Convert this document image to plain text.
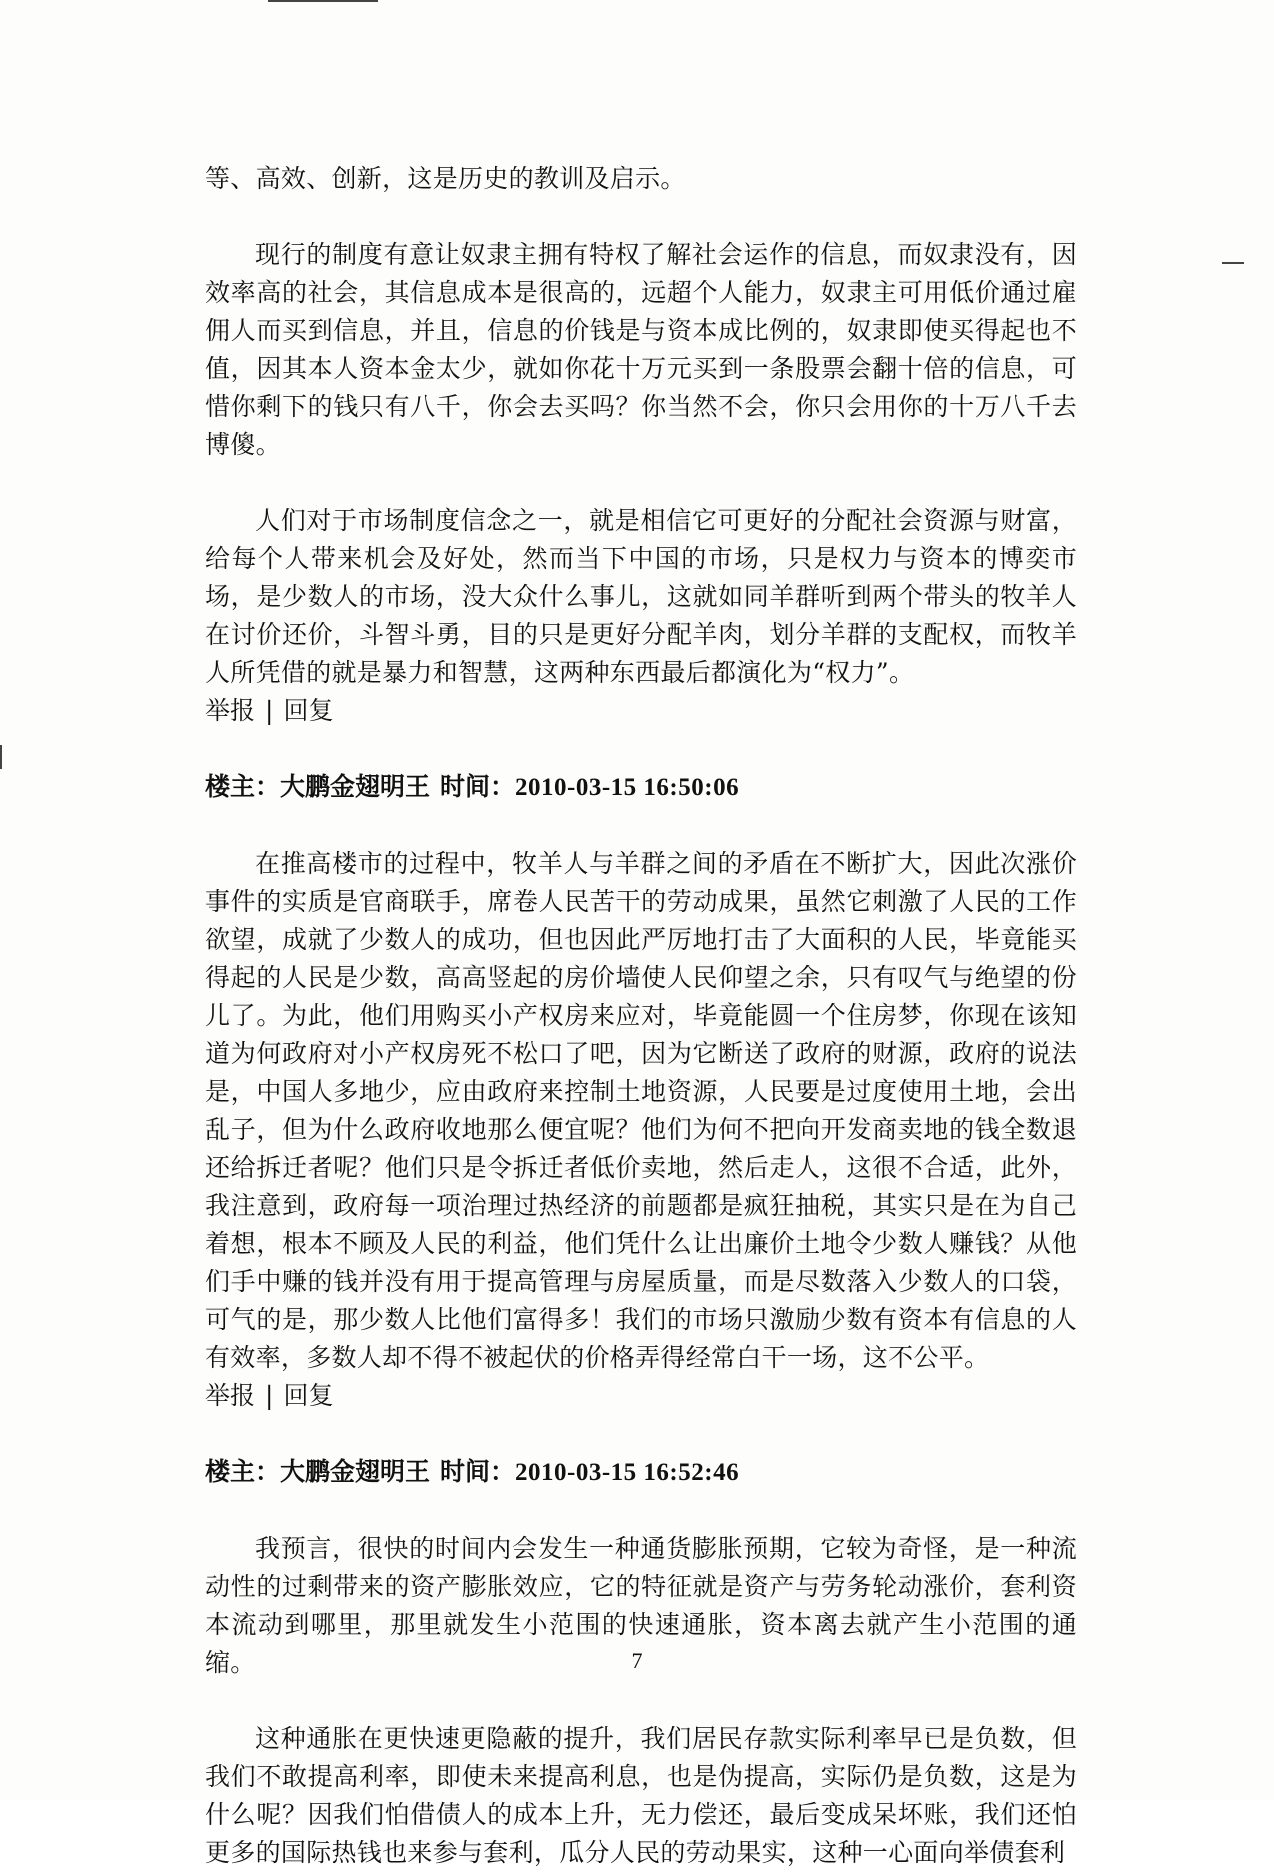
等、高效、创新，这是历史的教训及启示。

现行的制度有意让奴隶主拥有特权了解社会运作的信息，而奴隶没有，因效率高的社会，其信息成本是很高的，远超个人能力，奴隶主可用低价通过雇佣人而买到信息，并且，信息的价钱是与资本成比例的，奴隶即使买得起也不值，因其本人资本金太少，就如你花十万元买到一条股票会翻十倍的信息，可惜你剩下的钱只有八千，你会去买吗？你当然不会，你只会用你的十万八千去博傻。

人们对于市场制度信念之一，就是相信它可更好的分配社会资源与财富，给每个人带来机会及好处，然而当下中国的市场，只是权力与资本的博奕市场，是少数人的市场，没大众什么事儿，这就如同羊群听到两个带头的牧羊人在讨价还价，斗智斗勇，目的只是更好分配羊肉，划分羊群的支配权，而牧羊人所凭借的就是暴力和智慧，这两种东西最后都演化为“权力”。

举报 | 回复

楼主：大鹏金翅明王 时间：2010-03-15 16:50:06

在推高楼市的过程中，牧羊人与羊群之间的矛盾在不断扩大，因此次涨价事件的实质是官商联手，席卷人民苦干的劳动成果，虽然它刺激了人民的工作欲望，成就了少数人的成功，但也因此严厉地打击了大面积的人民，毕竟能买得起的人民是少数，高高竖起的房价墙使人民仰望之余，只有叹气与绝望的份儿了。为此，他们用购买小产权房来应对，毕竟能圆一个住房梦，你现在该知道为何政府对小产权房死不松口了吧，因为它断送了政府的财源，政府的说法是，中国人多地少，应由政府来控制土地资源，人民要是过度使用土地，会出乱子，但为什么政府收地那么便宜呢？他们为何不把向开发商卖地的钱全数退还给拆迁者呢？他们只是令拆迁者低价卖地，然后走人，这很不合适，此外，我注意到，政府每一项治理过热经济的前题都是疯狂抽税，其实只是在为自己着想，根本不顾及人民的利益，他们凭什么让出廉价土地令少数人赚钱？从他们手中赚的钱并没有用于提高管理与房屋质量，而是尽数落入少数人的口袋，可气的是，那少数人比他们富得多！我们的市场只激励少数有资本有信息的人有效率，多数人却不得不被起伏的价格弄得经常白干一场，这不公平。

举报 | 回复

楼主：大鹏金翅明王 时间：2010-03-15 16:52:46

我预言，很快的时间内会发生一种通货膨胀预期，它较为奇怪，是一种流动性的过剩带来的资产膨胀效应，它的特征就是资产与劳务轮动涨价，套利资本流动到哪里，那里就发生小范围的快速通胀，资本离去就产生小范围的通缩。

这种通胀在更快速更隐蔽的提升，我们居民存款实际利率早已是负数，但我们不敢提高利率，即使未来提高利息，也是伪提高，实际仍是负数，这是为什么呢？因我们怕借债人的成本上升，无力偿还，最后变成呆坏账，我们还怕更多的国际热钱也来参与套利，瓜分人民的劳动果实，这种一心面向举债套利

7
